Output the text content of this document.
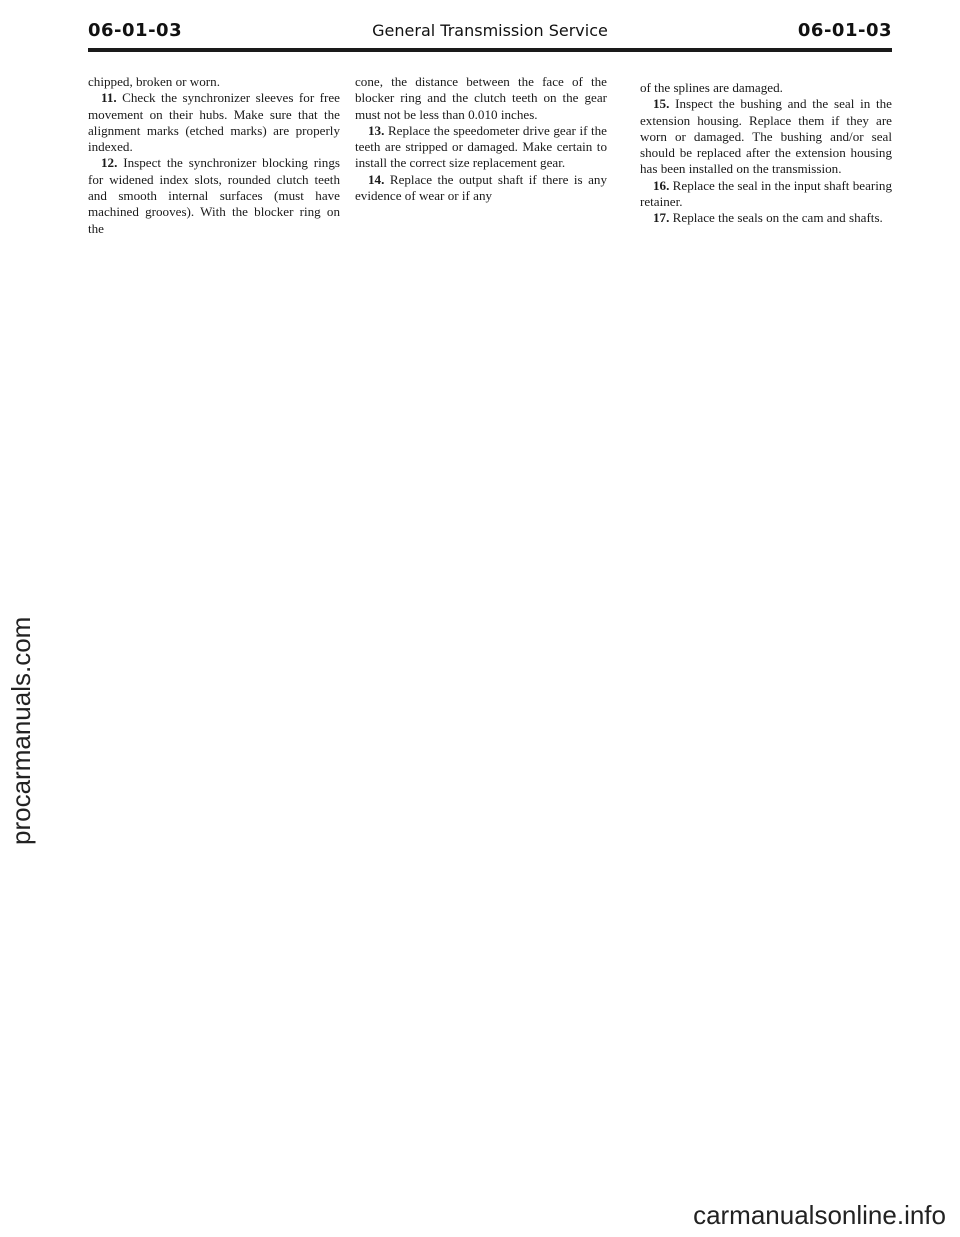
06-01-03	General Transmission Service	06-01-03

chipped, broken or worn.

11. Check the synchronizer sleeves for free movement on their hubs. Make sure that the alignment marks (etched marks) are properly indexed.

12. Inspect the synchronizer blocking rings for widened index slots, rounded clutch teeth and smooth internal surfaces (must have machined grooves). With the blocker ring on the

cone, the distance between the face of the blocker ring and the clutch teeth on the gear must not be less than 0.010 inches.

13. Replace the speedometer drive gear if the teeth are stripped or damaged. Make certain to install the correct size replacement gear.

14. Replace the output shaft if there is any evidence of wear or if any

of the splines are damaged.

15. Inspect the bushing and the seal in the extension housing. Replace them if they are worn or damaged. The bushing and/or seal should be replaced after the extension housing has been installed on the transmission.

16. Replace the seal in the input shaft bearing retainer.

17. Replace the seals on the cam and shafts.

procarmanuals.com
carmanualsonline.info
